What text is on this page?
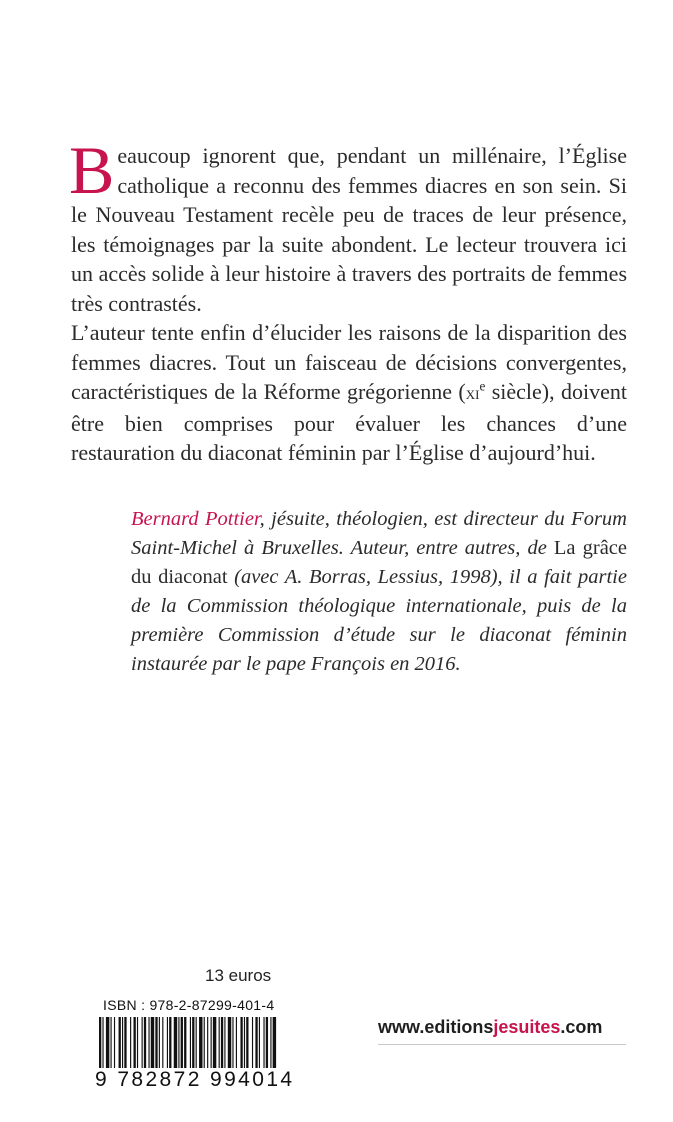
Beaucoup ignorent que, pendant un millénaire, l’Église catholique a reconnu des femmes diacres en son sein. Si le Nouveau Testament recèle peu de traces de leur présence, les témoignages par la suite abondent. Le lecteur trouvera ici un accès solide à leur histoire à travers des portraits de femmes très contrastés.

L’auteur tente enfin d’élucider les raisons de la disparition des femmes diacres. Tout un faisceau de décisions convergentes, caractéristiques de la Réforme grégorienne ($xi^e$ siècle), doivent être bien comprises pour évaluer les chances d’une restauration du diaconat féminin par l’Église d’aujourd’hui.

Bernard Pottier, jésuite, théologien, est directeur du Forum Saint-Michel à Bruxelles. Auteur, entre autres, de La grâce du diaconat (avec A. Borras, Lessius, 1998), il a fait partie de la Commission théologique internationale, puis de la première Commission d’étude sur le diaconat féminin instaurée par le pape François en 2016.
13 euros
ISBN : 978-2-87299-401-4
9 782872 994014
www.editionsjesuites.com
